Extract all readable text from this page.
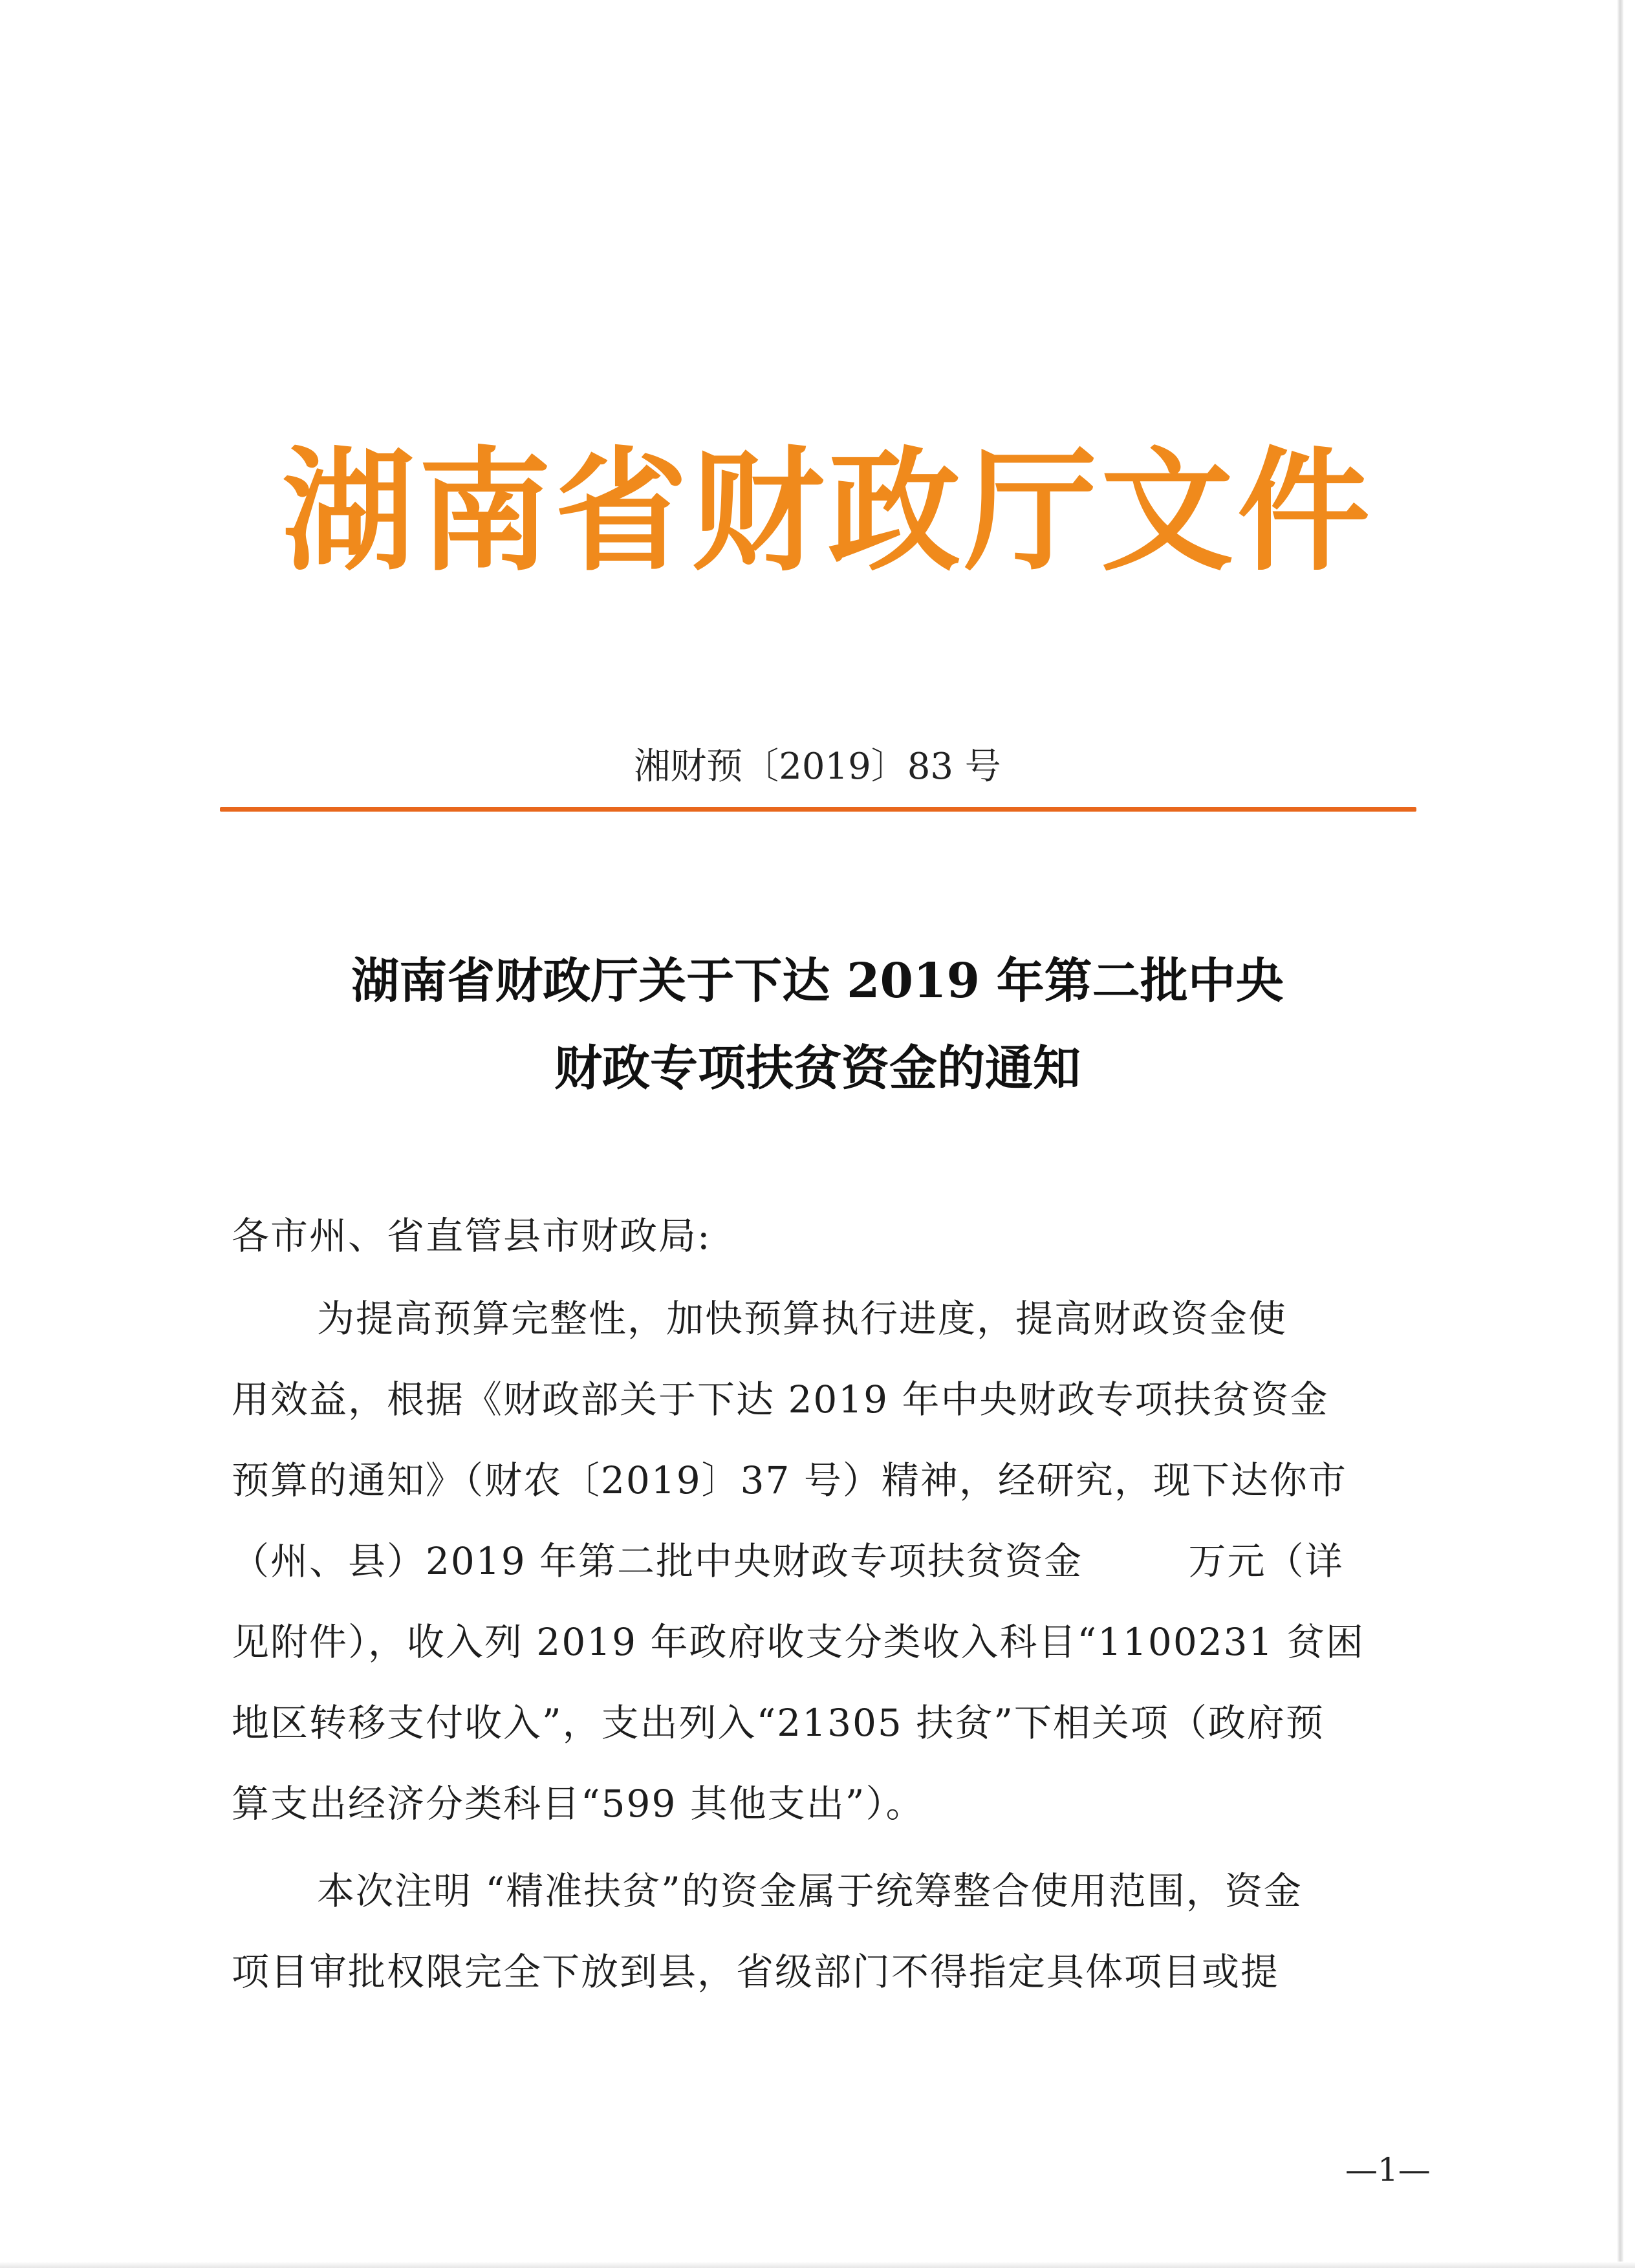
湖南省财政厅文件
湘财预〔2019〕83 号
湖南省财政厅关于下达 2019 年第二批中央
财政专项扶贫资金的通知
各市州、省直管县市财政局:
为提高预算完整性，加快预算执行进度，提高财政资金使
用效益，根据《财政部关于下达 2019 年中央财政专项扶贫资金
预算的通知》（财农〔2019〕37 号）精神，经研究，现下达你市
（州、县）2019 年第二批中央财政专项扶贫资金        万元（详
见附件），收入列 2019 年政府收支分类收入科目“1100231 贫困
地区转移支付收入”，支出列入“21305 扶贫”下相关项（政府预
算支出经济分类科目“599 其他支出”）。
本次注明 “精准扶贫”的资金属于统筹整合使用范围，资金
项目审批权限完全下放到县，省级部门不得指定具体项目或提
—1—
